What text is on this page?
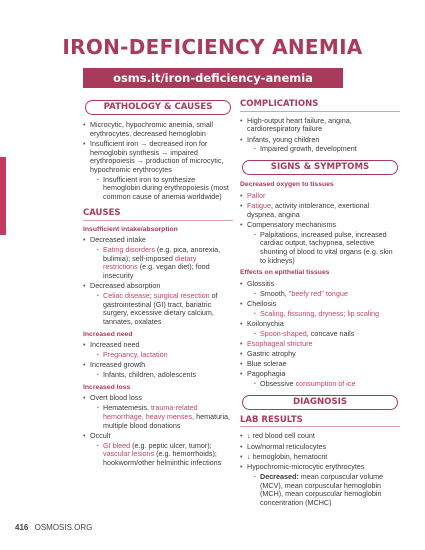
IRON-DEFICIENCY ANEMIA
osms.it/iron-deficiency-anemia
PATHOLOGY & CAUSES
• Microcytic, hypochromic anemia, small erythrocytes, decreased hemoglobin
• Insufficient iron → decreased iron for hemoglobin synthesis → impaired erythropoiesis → production of microcytic, hypochromic erythrocytes
▪ Insufficient iron to synthesize hemoglobin during erythropoiesis (most common cause of anemia worldwide)
CAUSES
Insufficient intake/absorption
• Decreased intake
▪ Eating disorders (e.g. pica, anorexia, bulimia); self-imposed dietary restrictions (e.g. vegan diet); food insecurity
• Decreased absorption
▪ Celiac disease; surgical resection of gastrointestinal (GI) tract, bariatric surgery, excessive dietary calcium, tannates, oxalates
Increased need
• Increased need
▪ Pregnancy, lactation
• Increased growth
▪ Infants, children, adolescents
Increased loss
• Overt blood loss
▪ Hematemesis, trauma-related hemorrhage, heavy menses, hematuria, multiple blood donations
• Occult
▪ GI bleed (e.g. peptic ulcer, tumor); vascular lesions (e.g. hemorrhoids); hookworm/other helminthic infections
COMPLICATIONS
• High-output heart failure, angina, cardiorespiratory failure
• Infants, young children
▪ Impaired growth, development
SIGNS & SYMPTOMS
Decreased oxygen to tissues
• Pallor
• Fatigue, activity intolerance, exertional dyspnea, angina
• Compensatory mechanisms
▪ Palpitations, increased pulse, increased cardiac output, tachypnea, selective shunting of blood to vital organs (e.g. skin to kidneys)
Effects on epithelial tissues
• Glossitis
▪ Smooth, "beefy red" tongue
• Cheilosis
▪ Scaling, fissuring, dryness; lip scaling
• Koilonychia
▪ Spoon-shaped, concave nails
• Esophageal stricture
• Gastric atrophy
• Blue sclerae
• Pagophagia
▪ Obsessive consumption of ice
DIAGNOSIS
LAB RESULTS
• ↓ red blood cell count
• Low/normal reticulocytes
• ↓ hemoglobin, hematocrit
• Hypochromic-microcytic erythrocytes
▪ Decreased: mean corpuscular volume (MCV), mean corpuscular hemoglobin (MCH), mean corpuscular hemoglobin concentration (MCHC)
416 OSMOSIS.ORG
